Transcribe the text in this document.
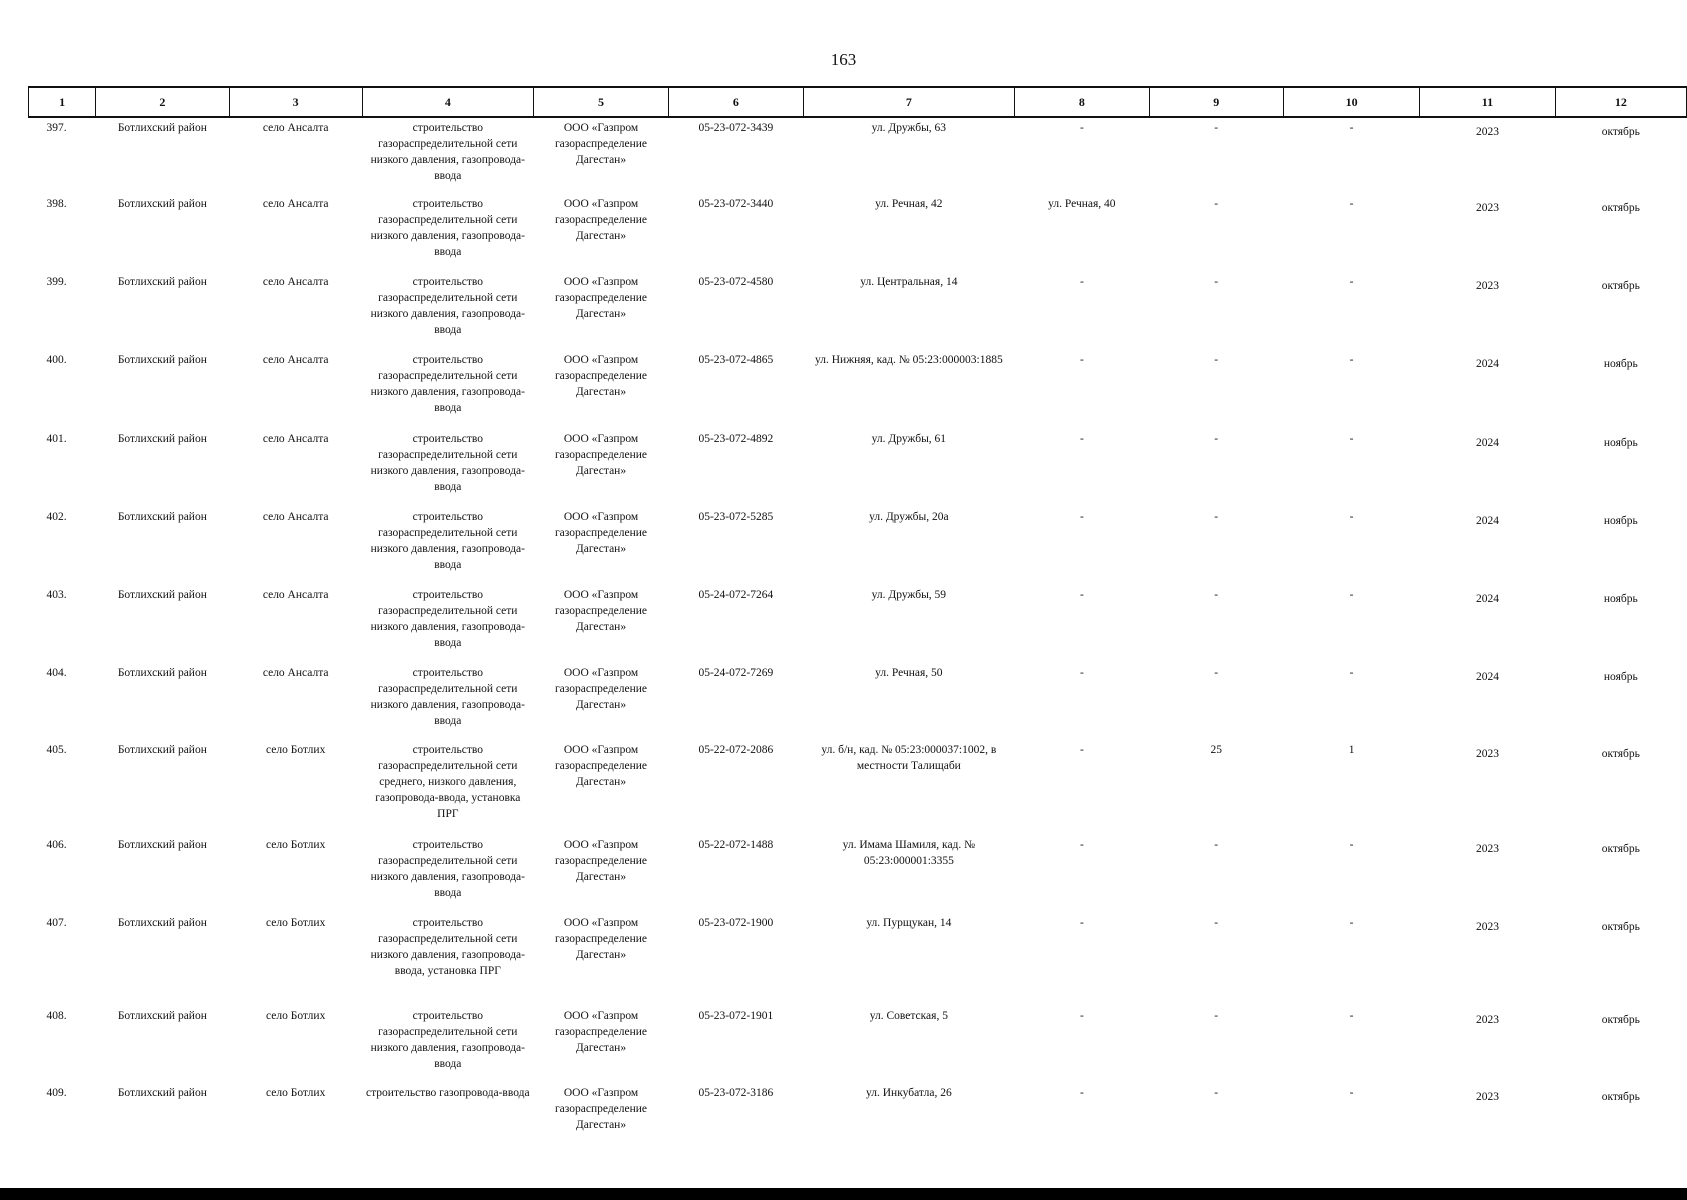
163
1	2	3	4	5	6	7	8	9	10	11	12
397.	Ботлихский район	село Ансалта	строительство газораспределительной сети низкого давления, газопровода-ввода	ООО «Газпром газораспределение Дагестан»	05-23-072-3439	ул. Дружбы, 63	-	-	-	2023	октябрь
398.	Ботлихский район	село Ансалта	строительство газораспределительной сети низкого давления, газопровода-ввода	ООО «Газпром газораспределение Дагестан»	05-23-072-3440	ул. Речная, 42	ул. Речная, 40	-	-	2023	октябрь
399.	Ботлихский район	село Ансалта	строительство газораспределительной сети низкого давления, газопровода-ввода	ООО «Газпром газораспределение Дагестан»	05-23-072-4580	ул. Центральная, 14	-	-	-	2023	октябрь
400.	Ботлихский район	село Ансалта	строительство газораспределительной сети низкого давления, газопровода-ввода	ООО «Газпром газораспределение Дагестан»	05-23-072-4865	ул. Нижняя, кад. № 05:23:000003:1885	-	-	-	2024	ноябрь
401.	Ботлихский район	село Ансалта	строительство газораспределительной сети низкого давления, газопровода-ввода	ООО «Газпром газораспределение Дагестан»	05-23-072-4892	ул. Дружбы, 61	-	-	-	2024	ноябрь
402.	Ботлихский район	село Ансалта	строительство газораспределительной сети низкого давления, газопровода-ввода	ООО «Газпром газораспределение Дагестан»	05-23-072-5285	ул. Дружбы, 20а	-	-	-	2024	ноябрь
403.	Ботлихский район	село Ансалта	строительство газораспределительной сети низкого давления, газопровода-ввода	ООО «Газпром газораспределение Дагестан»	05-24-072-7264	ул. Дружбы, 59	-	-	-	2024	ноябрь
404.	Ботлихский район	село Ансалта	строительство газораспределительной сети низкого давления, газопровода-ввода	ООО «Газпром газораспределение Дагестан»	05-24-072-7269	ул. Речная, 50	-	-	-	2024	ноябрь
405.	Ботлихский район	село Ботлих	строительство газораспределительной сети среднего, низкого давления, газопровода-ввода, установка ПРГ	ООО «Газпром газораспределение Дагестан»	05-22-072-2086	ул. б/н, кад. № 05:23:000037:1002, в местности Талищаби	-	25	1	2023	октябрь
406.	Ботлихский район	село Ботлих	строительство газораспределительной сети низкого давления, газопровода-ввода	ООО «Газпром газораспределение Дагестан»	05-22-072-1488	ул. Имама Шамиля, кад. № 05:23:000001:3355	-	-	-	2023	октябрь
407.	Ботлихский район	село Ботлих	строительство газораспределительной сети низкого давления, газопровода-ввода, установка ПРГ	ООО «Газпром газораспределение Дагестан»	05-23-072-1900	ул. Пурщукан, 14	-	-	-	2023	октябрь
408.	Ботлихский район	село Ботлих	строительство газораспределительной сети низкого давления, газопровода-ввода	ООО «Газпром газораспределение Дагестан»	05-23-072-1901	ул. Советская, 5	-	-	-	2023	октябрь
409.	Ботлихский район	село Ботлих	строительство газопровода-ввода	ООО «Газпром газораспределение Дагестан»	05-23-072-3186	ул. Инкубатла, 26	-	-	-	2023	октябрь
